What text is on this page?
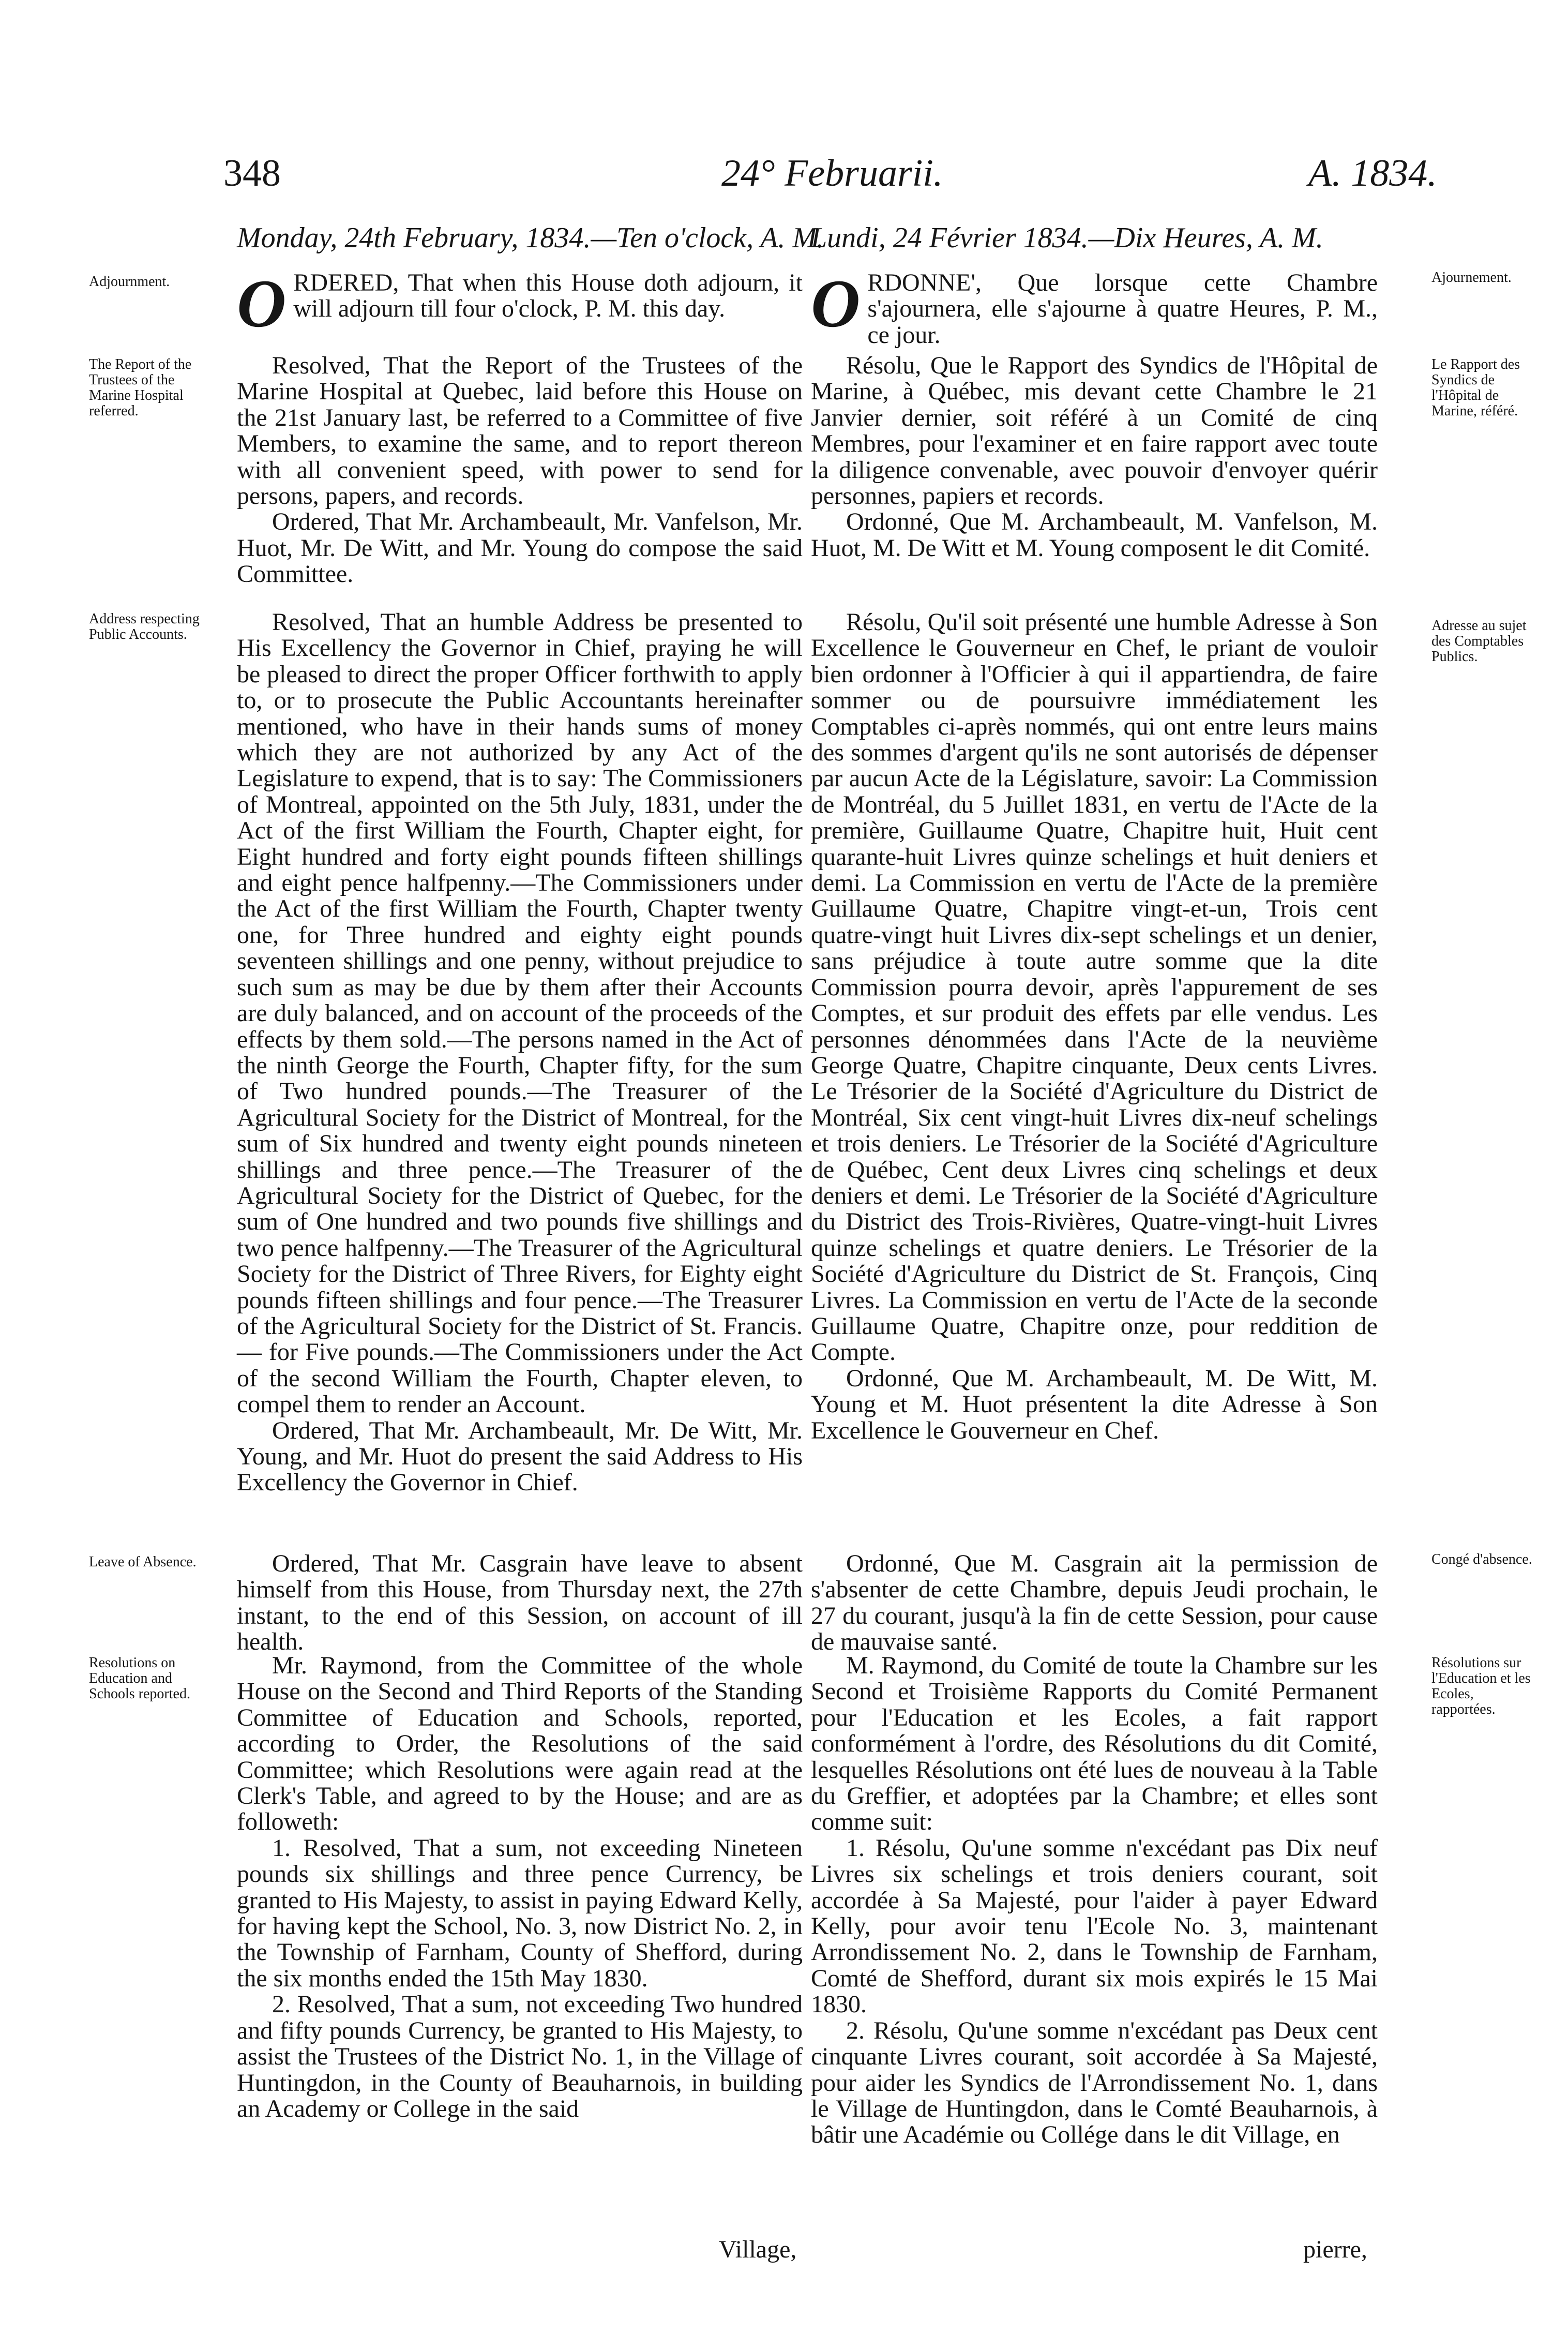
348	24° Februarii.	A. 1834.
Monday, 24th February, 1834.—Ten o'clock, A. M.
Lundi, 24 Février 1834.—Dix Heures, A. M.
Adjournment.
The Report of the Trustees of the Marine Hospital referred.
Address respecting Public Accounts.
Leave of Absence.
Resolutions on Education and Schools reported.
Ajournement.
Le Rapport des Syndics de l'Hôpital de Marine, référé.
Adresse au sujet des Comptables Publics.
Congé d'absence.
Résolutions sur l'Education et les Ecoles, rapportées.

ORDERED, That when this House doth adjourn, it will adjourn till four o'clock, P. M. this day.

Resolved, That the Report of the Trustees of the Marine Hospital at Quebec, laid before this House on the 21st January last, be referred to a Committee of five Members, to examine the same, and to report thereon with all convenient speed, with power to send for persons, papers, and records.

Ordered, That Mr. Archambeault, Mr. Vanfelson, Mr. Huot, Mr. De Witt, and Mr. Young do compose the said Committee.

Resolved, That an humble Address be presented to His Excellency the Governor in Chief, praying he will be pleased to direct the proper Officer forthwith to apply to, or to prosecute the Public Accountants hereinafter mentioned, who have in their hands sums of money which they are not authorized by any Act of the Legislature to expend, that is to say: The Commissioners of Montreal, appointed on the 5th July, 1831, under the Act of the first William the Fourth, Chapter eight, for Eight hundred and forty eight pounds fifteen shillings and eight pence halfpenny.—The Commissioners under the Act of the first William the Fourth, Chapter twenty one, for Three hundred and eighty eight pounds seventeen shillings and one penny, without prejudice to such sum as may be due by them after their Accounts are duly balanced, and on account of the proceeds of the effects by them sold.—The persons named in the Act of the ninth George the Fourth, Chapter fifty, for the sum of Two hundred pounds.—The Treasurer of the Agricultural Society for the District of Montreal, for the sum of Six hundred and twenty eight pounds nineteen shillings and three pence.—The Treasurer of the Agricultural Society for the District of Quebec, for the sum of One hundred and two pounds five shillings and two pence halfpenny.—The Treasurer of the Agricultural Society for the District of Three Rivers, for Eighty eight pounds fifteen shillings and four pence.—The Treasurer of the Agricultural Society for the District of St. Francis.— for Five pounds.—The Commissioners under the Act of the second William the Fourth, Chapter eleven, to compel them to render an Account.

Ordered, That Mr. Archambeault, Mr. De Witt, Mr. Young, and Mr. Huot do present the said Address to His Excellency the Governor in Chief.

Ordered, That Mr. Casgrain have leave to absent himself from this House, from Thursday next, the 27th instant, to the end of this Session, on account of ill health.

Mr. Raymond, from the Committee of the whole House on the Second and Third Reports of the Standing Committee of Education and Schools, reported, according to Order, the Resolutions of the said Committee; which Resolutions were again read at the Clerk's Table, and agreed to by the House; and are as followeth:

1. Resolved, That a sum, not exceeding Nineteen pounds six shillings and three pence Currency, be granted to His Majesty, to assist in paying Edward Kelly, for having kept the School, No. 3, now District No. 2, in the Township of Farnham, County of Shefford, during the six months ended the 15th May 1830.

2. Resolved, That a sum, not exceeding Two hundred and fifty pounds Currency, be granted to His Majesty, to assist the Trustees of the District No. 1, in the Village of Huntingdon, in the County of Beauharnois, in building an Academy or College in the said

Village,

ORDONNE', Que lorsque cette Chambre s'ajournera, elle s'ajourne à quatre Heures, P. M., ce jour.

Résolu, Que le Rapport des Syndics de l'Hôpital de Marine, à Québec, mis devant cette Chambre le 21 Janvier dernier, soit référé à un Comité de cinq Membres, pour l'examiner et en faire rapport avec toute la diligence convenable, avec pouvoir d'envoyer quérir personnes, papiers et records.

Ordonné, Que M. Archambeault, M. Vanfelson, M. Huot, M. De Witt et M. Young composent le dit Comité.

Résolu, Qu'il soit présenté une humble Adresse à Son Excellence le Gouverneur en Chef, le priant de vouloir bien ordonner à l'Officier à qui il appartiendra, de faire sommer ou de poursuivre immédiatement les Comptables ci-après nommés, qui ont entre leurs mains des sommes d'argent qu'ils ne sont autorisés de dépenser par aucun Acte de la Législature, savoir: La Commission de Montréal, du 5 Juillet 1831, en vertu de l'Acte de la première, Guillaume Quatre, Chapitre huit, Huit cent quarante-huit Livres quinze schelings et huit deniers et demi. La Commission en vertu de l'Acte de la première Guillaume Quatre, Chapitre vingt-et-un, Trois cent quatre-vingt huit Livres dix-sept schelings et un denier, sans préjudice à toute autre somme que la dite Commission pourra devoir, après l'appurement de ses Comptes, et sur produit des effets par elle vendus. Les personnes dénommées dans l'Acte de la neuvième George Quatre, Chapitre cinquante, Deux cents Livres. Le Trésorier de la Société d'Agriculture du District de Montréal, Six cent vingt-huit Livres dix-neuf schelings et trois deniers. Le Trésorier de la Société d'Agriculture de Québec, Cent deux Livres cinq schelings et deux deniers et demi. Le Trésorier de la Société d'Agriculture du District des Trois-Rivières, Quatre-vingt-huit Livres quinze schelings et quatre deniers. Le Trésorier de la Société d'Agriculture du District de St. François, Cinq Livres. La Commission en vertu de l'Acte de la seconde Guillaume Quatre, Chapitre onze, pour reddition de Compte.

Ordonné, Que M. Archambeault, M. De Witt, M. Young et M. Huot présentent la dite Adresse à Son Excellence le Gouverneur en Chef.

Ordonné, Que M. Casgrain ait la permission de s'absenter de cette Chambre, depuis Jeudi prochain, le 27 du courant, jusqu'à la fin de cette Session, pour cause de mauvaise santé.

M. Raymond, du Comité de toute la Chambre sur les Second et Troisième Rapports du Comité Permanent pour l'Education et les Ecoles, a fait rapport conformément à l'ordre, des Résolutions du dit Comité, lesquelles Résolutions ont été lues de nouveau à la Table du Greffier, et adoptées par la Chambre; et elles sont comme suit:

1. Résolu, Qu'une somme n'excédant pas Dix neuf Livres six schelings et trois deniers courant, soit accordée à Sa Majesté, pour l'aider à payer Edward Kelly, pour avoir tenu l'Ecole No. 3, maintenant Arrondissement No. 2, dans le Township de Farnham, Comté de Shefford, durant six mois expirés le 15 Mai 1830.

2. Résolu, Qu'une somme n'excédant pas Deux cent cinquante Livres courant, soit accordée à Sa Majesté, pour aider les Syndics de l'Arrondissement No. 1, dans le Village de Huntingdon, dans le Comté Beauharnois, à bâtir une Académie ou Collége dans le dit Village, en

pierre,
